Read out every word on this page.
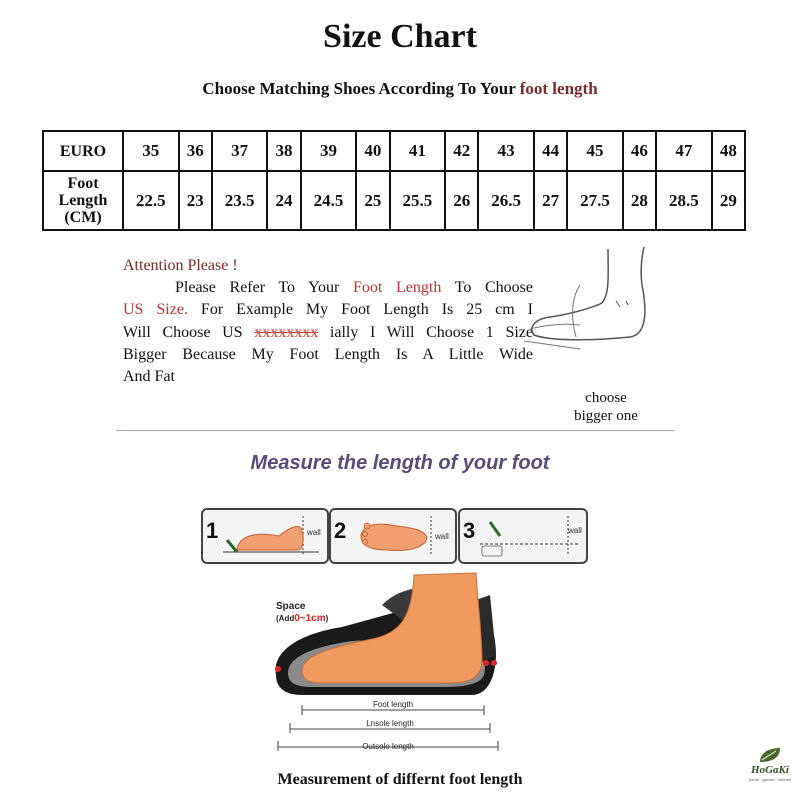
Size Chart
Choose Matching Shoes According To Your foot length
EURO	35	36	37	38	39	40	41	42	43	44	45	46	47	48
Foot
Length
(CM)	22.5	23	23.5	24	24.5	25	25.5	26	26.5	27	27.5	28	28.5	29
Attention Please !
Please Refer To Your Foot Length To Choose
US Size. For Example My Foot Length Is 25 cm I
Will Choose US xxxxxxxx ially I Will Choose 1 Size
Bigger Because My Foot Length Is A Little Wide
And Fat
choose
bigger one
Measure the length of your foot
1	wall 2	wall 3	wall
Space
(Add0~1cm)
Foot length
Lnsole length
Outsole length
Measurement of differnt foot length
HoGaKi
home · garden · kitchen
